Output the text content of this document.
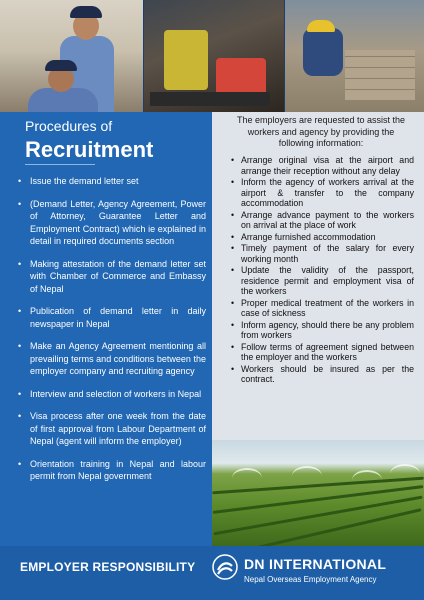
Procedures of
Recruitment
• Issue the demand letter set
• (Demand Letter, Agency Agreement, Power of Attorney, Guarantee Letter and Employment Contract) which ie explained in detail in required documents section
• Making attestation of the demand letter set with Chamber of Commerce and Embassy of Nepal
• Publication of demand letter in daily newspaper in Nepal
• Make an Agency Agreement mentioning all prevailing terms and conditions between the employer company and recruiting agency
• Interview and selection of workers in Nepal
• Visa process after one week from the date of first approval from Labour Department of Nepal (agent will inform the employer)
• Orientation training in Nepal and labour permit from Nepal government
The employers are requested to assist the workers and agency by providing the following information:
• Arrange original visa at the airport and arrange their reception without any delay
• Inform the agency of workers arrival at the airport & transfer to the company accommodation
• Arrange advance payment to the workers on arrival at the place of work
• Arrange furnished accommodation
• Timely payment of the salary for every working month
• Update the validity of the passport, residence permit and employment visa of the workers
• Proper medical treatment of the workers in case of sickness
• Inform agency, should there be any problem from workers
• Follow terms of agreement signed between the employer and the workers
• Workers should be insured as per the contract.
EMPLOYER RESPONSIBILITY	DN INTERNATIONAL
Nepal Overseas Employment Agency
